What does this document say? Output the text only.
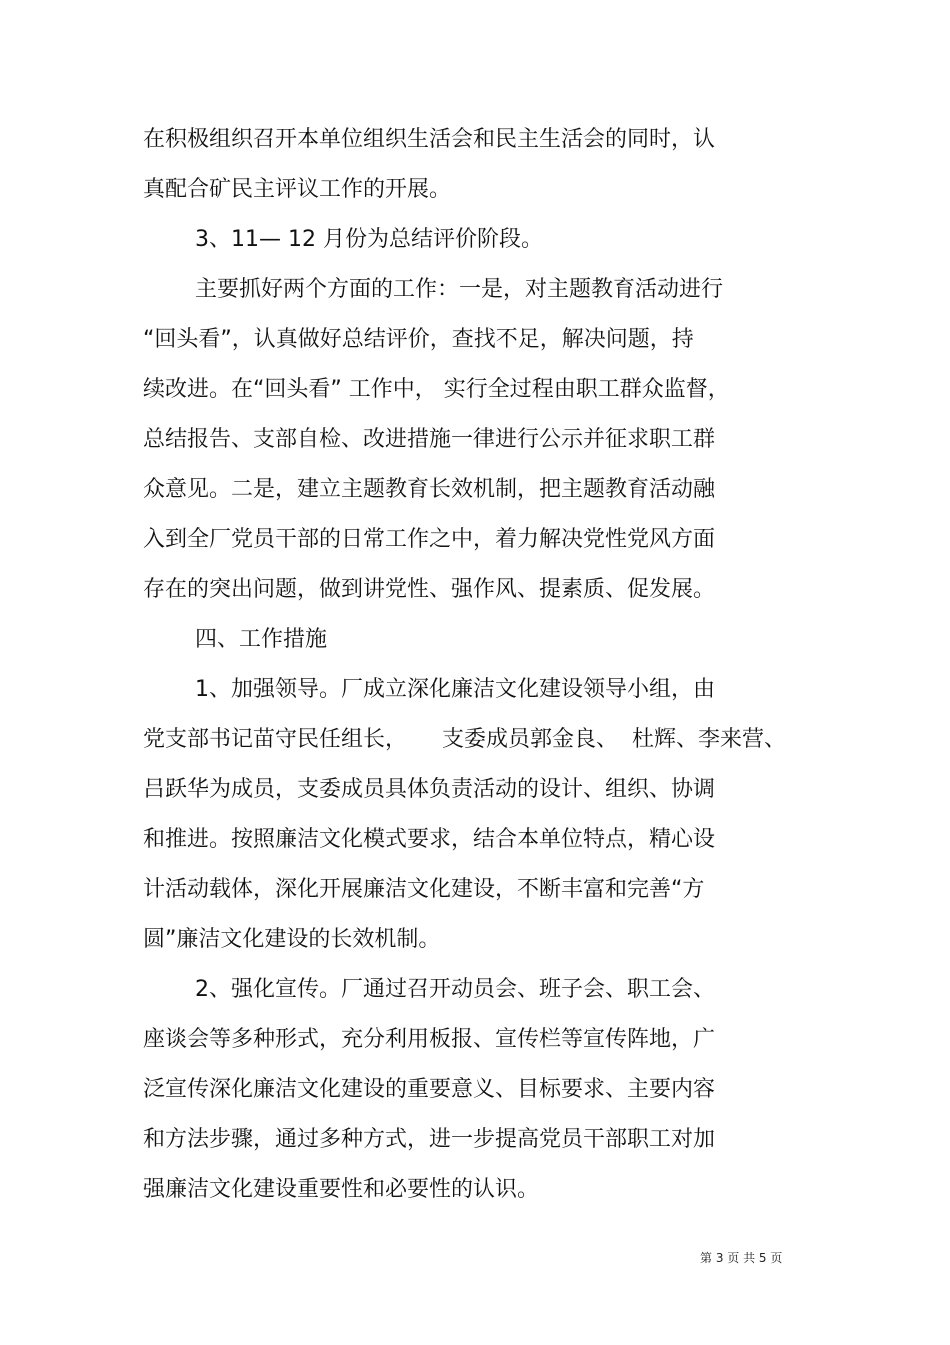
在积极组织召开本单位组织生活会和民主生活会的同时，认
真配合矿民主评议工作的开展。
3、11— 12 月份为总结评价阶段。
主要抓好两个方面的工作：一是，对主题教育活动进行
“回头看”，认真做好总结评价，查找不足，解决问题，持
续改进。在“回头看” 工作中， 实行全过程由职工群众监督，
总结报告、支部自检、改进措施一律进行公示并征求职工群
众意见。二是，建立主题教育长效机制，把主题教育活动融
入到全厂党员干部的日常工作之中，着力解决党性党风方面
存在的突出问题，做到讲党性、强作风、提素质、促发展。
四、工作措施
1、加强领导。厂成立深化廉洁文化建设领导小组，由
党支部书记苗守民任组长，     支委成员郭金良、  杜辉、李来营、
吕跃华为成员，支委成员具体负责活动的设计、组织、协调
和推进。按照廉洁文化模式要求，结合本单位特点，精心设
计活动载体，深化开展廉洁文化建设，不断丰富和完善“方
圆”廉洁文化建设的长效机制。
2、强化宣传。厂通过召开动员会、班子会、职工会、
座谈会等多种形式，充分利用板报、宣传栏等宣传阵地，广
泛宣传深化廉洁文化建设的重要意义、目标要求、主要内容
和方法步骤，通过多种方式，进一步提高党员干部职工对加
强廉洁文化建设重要性和必要性的认识。
第 3 页 共 5 页
